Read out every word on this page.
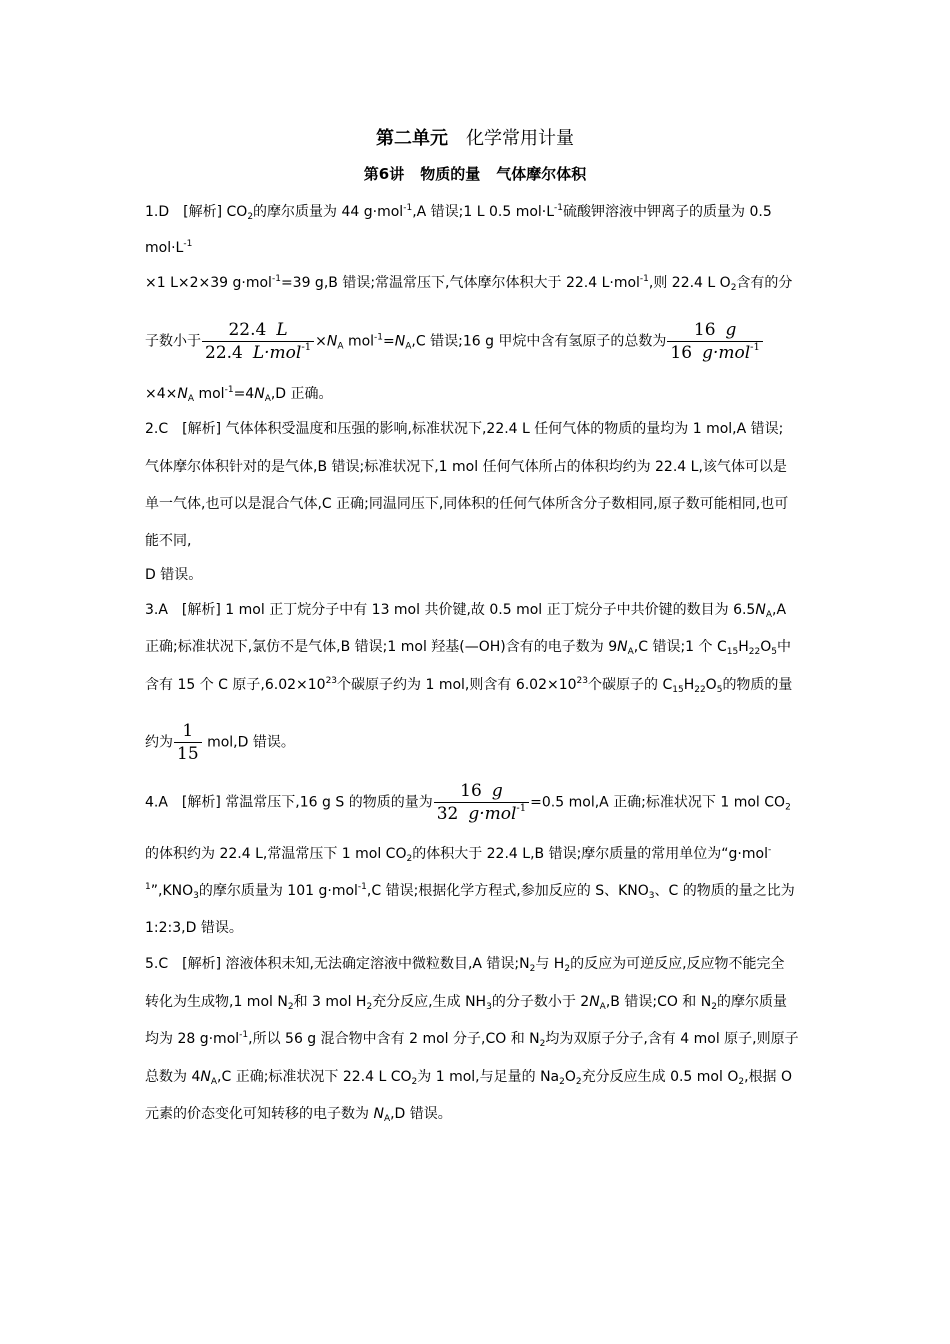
第二单元 化学常用计量
第6讲 物质的量 气体摩尔体积
1.D　[解析] $CO_2$的摩尔质量为 44 g·mol$^{-1}$,A 错误;1 L 0.5 $mol\cdot L^{-1}$硫酸钾溶液中钾离子的质量为 0.5
$mol\cdot L^{-1}$
×1 L×2×39 g·mol$^{-1}$=39 g,B 错误;常温常压下,气体摩尔体积大于 22.4 L·mol$^{-1}$,则 22.4 L $O_2$含有的分
子数小于 $\frac{22.4 L}{22.4 L\cdot mol^{-1}} \times N_A$ $mol^{-1}=N_A,C$ 错误;16 g 甲烷中含有氢原子的总数为 $\frac{16 g}{16 g\cdot mol^{-1}}$
$\times 4\times N_A$ $mol^{-1}=4N_A,D$ 正确。
2.C　[解析] 气体体积受温度和压强的影响,标准状况下,22.4 L 任何气体的物质的量均为 1 mol,A 错误;
气体摩尔体积针对的是气体,B 错误;标准状况下,1 mol 任何气体所占的体积均约为 22.4 L,该气体可以是
单一气体,也可以是混合气体,C 正确;同温同压下,同体积的任何气体所含分子数相同,原子数可能相同,也可
能不同,
D 错误。
3.A　[解析] 1 mol 正丁烷分子中有 13 mol 共价键,故 0.5 mol 正丁烷分子中共价键的数目为 $6.5N_A,A$
正确;标准状况下,氯仿不是气体,B 错误;1 mol 羟基(—OH)含有的电子数为 $9N_A,C$ 错误;1 个 $C_{15}H_{22}O_5$中
含有 15 个 C 原子$,6.02\times 10^{23}$个碳原子约为 1 mol,则含有 $6.02\times 10^{23}$个碳原子的 $C_{15}H_{22}O_5$的物质的量
约为 $\frac{1}{15} mol,D$ 错误。
4.A　[解析] 常温常压下,16 g S 的物质的量为 $\frac{16 g}{32 g\cdot mol^{-1}} =0.5$ mol,A 正确;标准状况下 1 mol $CO_2$
的体积约为 22.4 L,常温常压下 1 mol $CO_2$的体积大于 22.4 L,B 错误;摩尔质量的常用单位为“g·mol-
$^1”,KNO_3$的摩尔质量为 101 g·mol$^{-1}$,C 错误;根据化学方程式,参加反应的 S、$KNO_3$、C 的物质的量之比为
1:2:3,D 错误。
5.C　[解析] 溶液体积未知,无法确定溶液中微粒数目,A 错误$;N_2$与 $H_2$的反应为可逆反应,反应物不能完全
转化为生成物,1 mol $N_2$和 3 mol $H_2$充分反应,生成 $NH_3$的分子数小于 $2N_A,B$ 错误;CO 和 $N_2$的摩尔质量
均为 28 g·mol$^{-1}$,所以 56 g 混合物中含有 2 mol 分子,CO 和 $N_2$均为双原子分子,含有 4 mol 原子,则原子
总数为 $4N_A,C$ 正确;标准状况下 22.4 L $CO_2$为 1 mol,与足量的 $Na_2O_2$充分反应生成 0.5 mol $O_2$,根据 O
元素的价态变化可知转移的电子数为 $N_A,D$ 错误。
